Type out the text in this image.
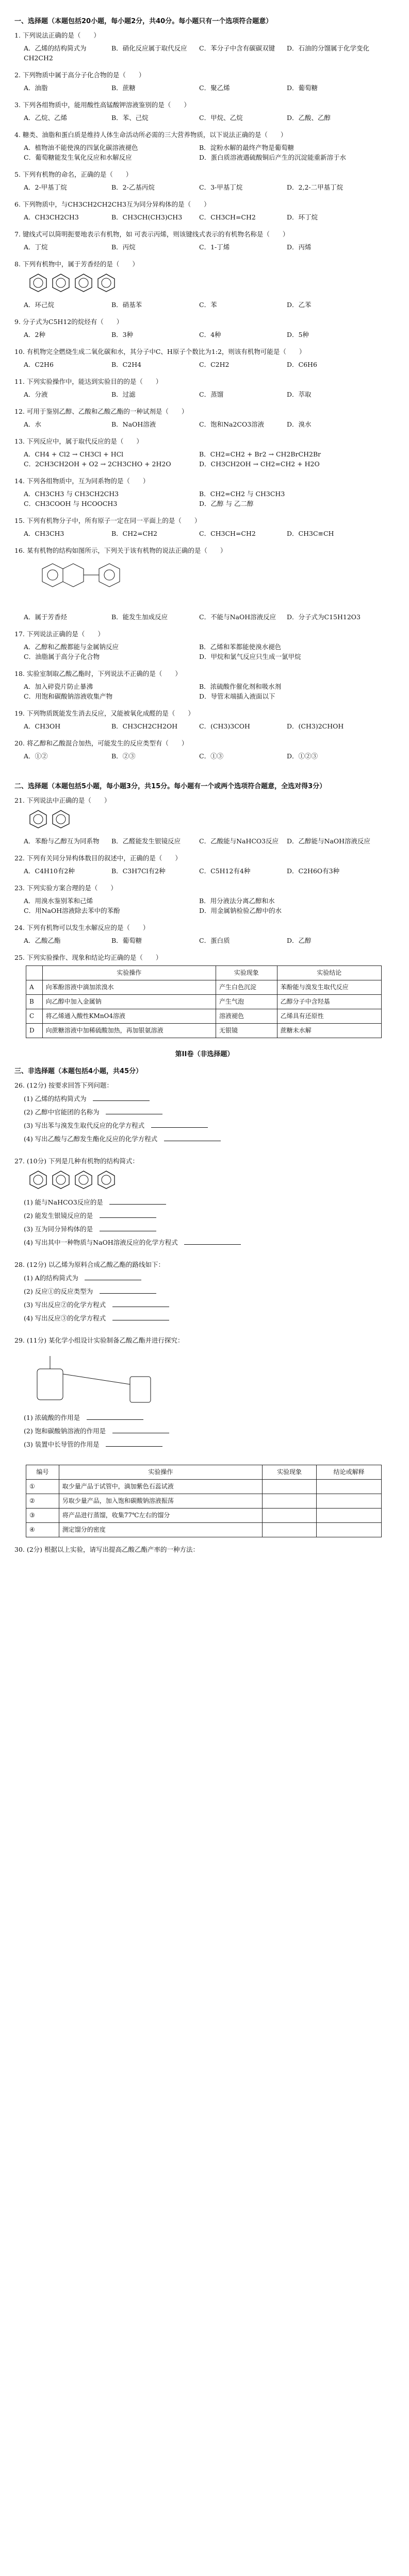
一、选择题（本题包括20小题，每小题2分，共40分。每小题只有一个选项符合题意）
1. 下列说法正确的是（　　）
A．乙烯的结构简式为CH2CH2
B．硝化反应属于取代反应	C．苯分子中含有碳碳双键	D．石油的分馏属于化学变化
2. 下列物质中属于高分子化合物的是（　　）
A．油脂	B．蔗糖	C．聚乙烯	D．葡萄糖
3. 下列各组物质中，能用酸性高锰酸钾溶液鉴别的是（　　）
A．乙烷、乙烯	B．苯、己烷	C．甲烷、乙烷	D．乙酸、乙醇
4. 糖类、油脂和蛋白质是维持人体生命活动所必需的三大营养物质，以下说法正确的是（　　）
A．植物油不能使溴的四氯化碳溶液褪色	B．淀粉水解的最终产物是葡萄糖
C．葡萄糖能发生氧化反应和水解反应	D．蛋白质溶液遇硫酸铜后产生的沉淀能重新溶于水
5. 下列有机物的命名，正确的是（　　）
A．2-甲基丁烷	B．2-乙基丙烷	C．3-甲基丁烷	D．2,2-二甲基丁烷
6. 下列物质中，与CH3CH2CH2CH3互为同分异构体的是（　　）
A．CH3CH2CH3	B．CH3CH(CH3)CH3	C．CH3CH=CH2	D．环丁烷
7. 键线式可以简明扼要地表示有机物，如 可表示丙烯，则该键线式表示的有机物名称是（　　）
A．丁烷	B．丙烷	C．1-丁烯	D．丙烯
8. 下列有机物中，属于芳香烃的是（　　）
A．环己烷	B．硝基苯	C．苯	D．乙苯
9. 分子式为C5H12的烷烃有（　　）
A．2种	B．3种	C．4种	D．5种
10. 有机物完全燃烧生成二氧化碳和水，其分子中C、H原子个数比为1:2，则该有机物可能是（　　）
A．C2H6	B．C2H4	C．C2H2	D．C6H6
11. 下列实验操作中，能达到实验目的的是（　　）
A．分液	B．过滤	C．蒸馏	D．萃取
12. 可用于鉴别乙醇、乙酸和乙酸乙酯的一种试剂是（　　）
A．水	B．NaOH溶液	C．饱和Na2CO3溶液	D．溴水
13. 下列反应中，属于取代反应的是（　　）
A．CH4 + Cl2 → CH3Cl + HCl	B．CH2=CH2 + Br2 → CH2BrCH2Br
C．2CH3CH2OH + O2 → 2CH3CHO + 2H2O	D．CH3CH2OH → CH2=CH2 + H2O
14. 下列各组物质中，互为同系物的是（　　）
A．CH3CH3 与 CH3CH2CH3	B．CH2=CH2 与 CH3CH3
C．CH3COOH 与 HCOOCH3	D．乙醇 与 乙二醇
15. 下列有机物分子中，所有原子一定在同一平面上的是（　　）
A．CH3CH3	B．CH2=CH2	C．CH3CH=CH2	D．CH3C≡CH
16. 某有机物的结构如图所示，下列关于该有机物的说法正确的是（　　）
A．属于芳香烃	B．能发生加成反应	C．不能与NaOH溶液反应	D．分子式为C15H12O3
17. 下列说法正确的是（　　）
A．乙醇和乙酸都能与金属钠反应	B．乙烯和苯都能使溴水褪色
C．油脂属于高分子化合物	D．甲烷和氯气反应只生成一氯甲烷
18. 实验室制取乙酸乙酯时，下列说法不正确的是（　　）
A．加入碎瓷片防止暴沸	B．浓硫酸作催化剂和吸水剂
C．用饱和碳酸钠溶液收集产物	D．导管末端插入液面以下
19. 下列物质既能发生消去反应，又能被氧化成醛的是（　　）
A．CH3OH	B．CH3CH2CH2OH	C．(CH3)3COH	D．(CH3)2CHOH
20. 将乙醇和乙酸混合加热，可能发生的反应类型有（　　）
A．①②	B．②③	C．①③	D．①②③
二、选择题（本题包括5小题，每小题3分，共15分。每小题有一个或两个选项符合题意，全选对得3分）
21. 下列说法中正确的是（　　）
A．苯酚与乙醇互为同系物	B．乙醛能发生银镜反应	C．乙酸能与NaHCO3反应	D．乙醇能与NaOH溶液反应
22. 下列有关同分异构体数目的叙述中，正确的是（　　）
A．C4H10有2种	B．C3H7Cl有2种	C．C5H12有4种	D．C2H6O有3种
23. 下列实验方案合理的是（　　）
A．用溴水鉴别苯和己烯	B．用分液法分离乙醇和水
C．用NaOH溶液除去苯中的苯酚	D．用金属钠检验乙醇中的水
24. 下列有机物可以发生水解反应的是（　　）
A．乙酸乙酯	B．葡萄糖	C．蛋白质	D．乙醇
25. 下列实验操作、现象和结论均正确的是（　　）
	实验操作	实验现象	实验结论
A	向苯酚溶液中滴加浓溴水	产生白色沉淀	苯酚能与溴发生取代反应
B	向乙醇中加入金属钠	产生气泡	乙醇分子中含羟基
C	将乙烯通入酸性KMnO4溶液	溶液褪色	乙烯具有还原性
D	向蔗糖溶液中加稀硫酸加热，再加银氨溶液	无银镜	蔗糖未水解
第II卷（非选择题）
三、非选择题（本题包括4小题，共45分）
26. (12分) 按要求回答下列问题：
(1) 乙烯的结构简式为　
(2) 乙醇中官能团的名称为　
(3) 写出苯与溴发生取代反应的化学方程式　
(4) 写出乙酸与乙醇发生酯化反应的化学方程式　
27. (10分) 下列是几种有机物的结构简式：
(1) 能与NaHCO3反应的是　
(2) 能发生银镜反应的是　
(3) 互为同分异构体的是　
(4) 写出其中一种物质与NaOH溶液反应的化学方程式　
28. (12分) 以乙烯为原料合成乙酸乙酯的路线如下：
(1) A的结构简式为　
(2) 反应①的反应类型为　
(3) 写出反应②的化学方程式　
(4) 写出反应③的化学方程式　
29. (11分) 某化学小组设计实验制备乙酸乙酯并进行探究：
(1) 浓硫酸的作用是　
(2) 饱和碳酸钠溶液的作用是　
(3) 装置中长导管的作用是　
编号	实验操作	实验现象	结论或解释
①	取少量产品于试管中，滴加紫色石蕊试液		
②	另取少量产品，加入饱和碳酸钠溶液振荡		
③	将产品进行蒸馏，收集77℃左右的馏分		
④	测定馏分的密度		
30. (2分) 根据以上实验，请写出提高乙酸乙酯产率的一种方法：
